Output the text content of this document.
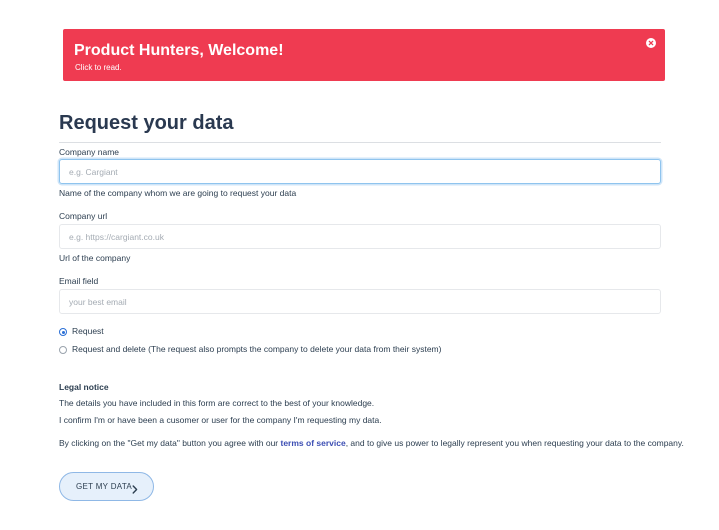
Product Hunters, Welcome!
Click to read.
Request your data
Company name
e.g. Cargiant
Name of the company whom we are going to request your data
Company url
e.g. https://cargiant.co.uk
Url of the company
Email field
your best email
Request
Request and delete (The request also prompts the company to delete your data from their system)
Legal notice
The details you have included in this form are correct to the best of your knowledge.
I confirm I'm or have been a cusomer or user for the company I'm requesting my data.
By clicking on the "Get my data" button you agree with our terms of service, and to give us power to legally represent you when requesting your data to the company.
GET MY DATA
